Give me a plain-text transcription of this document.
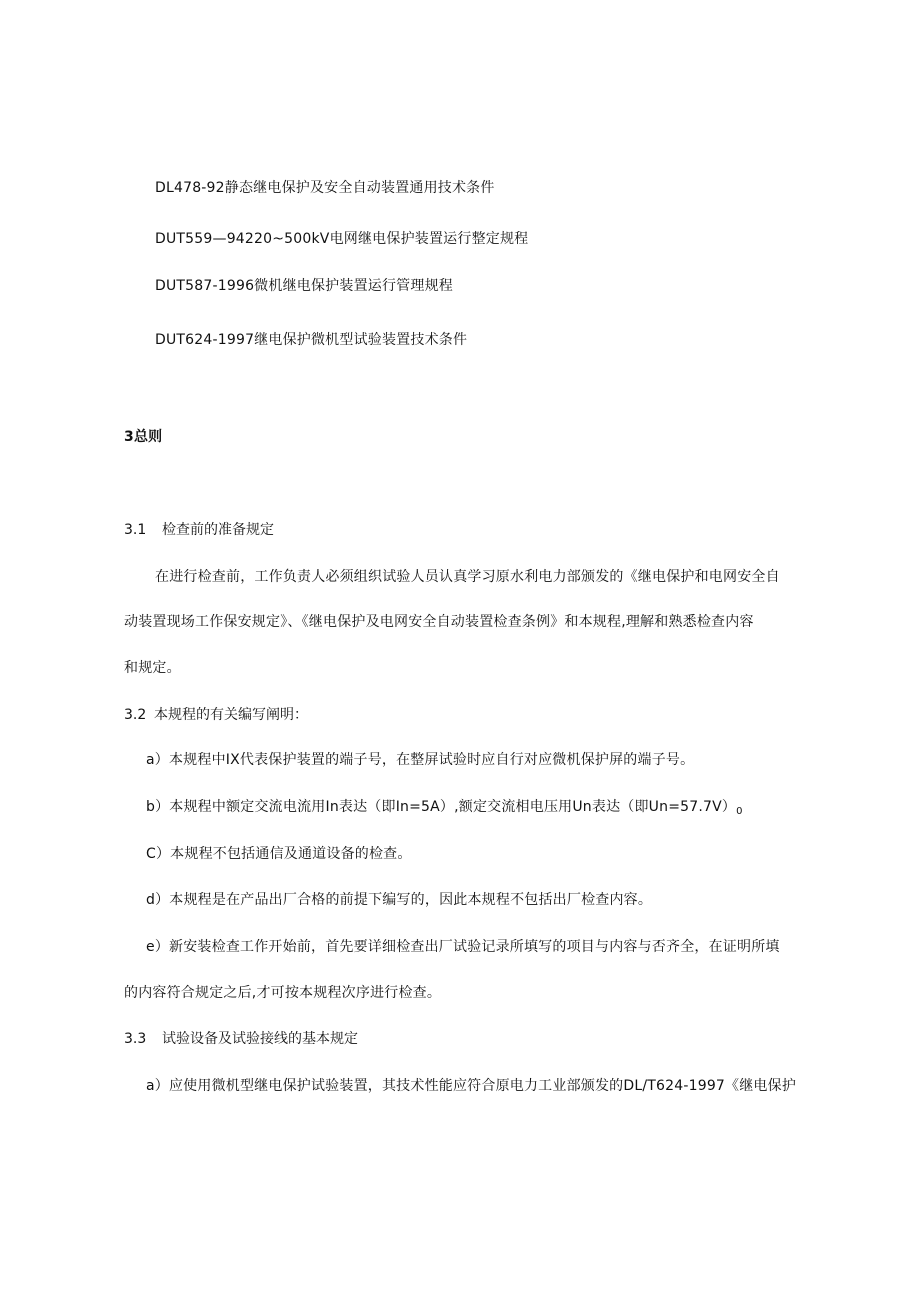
DL478-92静态继电保护及安全自动装置通用技术条件
DUT559—94220~500kV电网继电保护装置运行整定规程
DUT587-1996微机继电保护装置运行管理规程
DUT624-1997继电保护微机型试验装置技术条件
3总则
3.1 检查前的准备规定
在进行检查前，工作负责人必须组织试验人员认真学习原水利电力部颁发的《继电保护和电网安全自
动装置现场工作保安规定》、《继电保护及电网安全自动装置检查条例》和本规程,理解和熟悉检查内容
和规定。
3.2 本规程的有关编写阐明：
a）本规程中IX代表保护装置的端子号，在整屏试验时应自行对应微机保护屏的端子号。
b）本规程中额定交流电流用In表达（即In=5A）,额定交流相电压用Un表达（即$Un=57.7V)_0$
C）本规程不包括通信及通道设备的检查。
d）本规程是在产品出厂合格的前提下编写的，因此本规程不包括出厂检查内容。
e）新安装检查工作开始前，首先要详细检查出厂试验记录所填写的项目与内容与否齐全，在证明所填
的内容符合规定之后,才可按本规程次序进行检查。
3.3 试验设备及试验接线的基本规定
a）应使用微机型继电保护试验装置，其技术性能应符合原电力工业部颁发的DL/T624-1997《继电保护
